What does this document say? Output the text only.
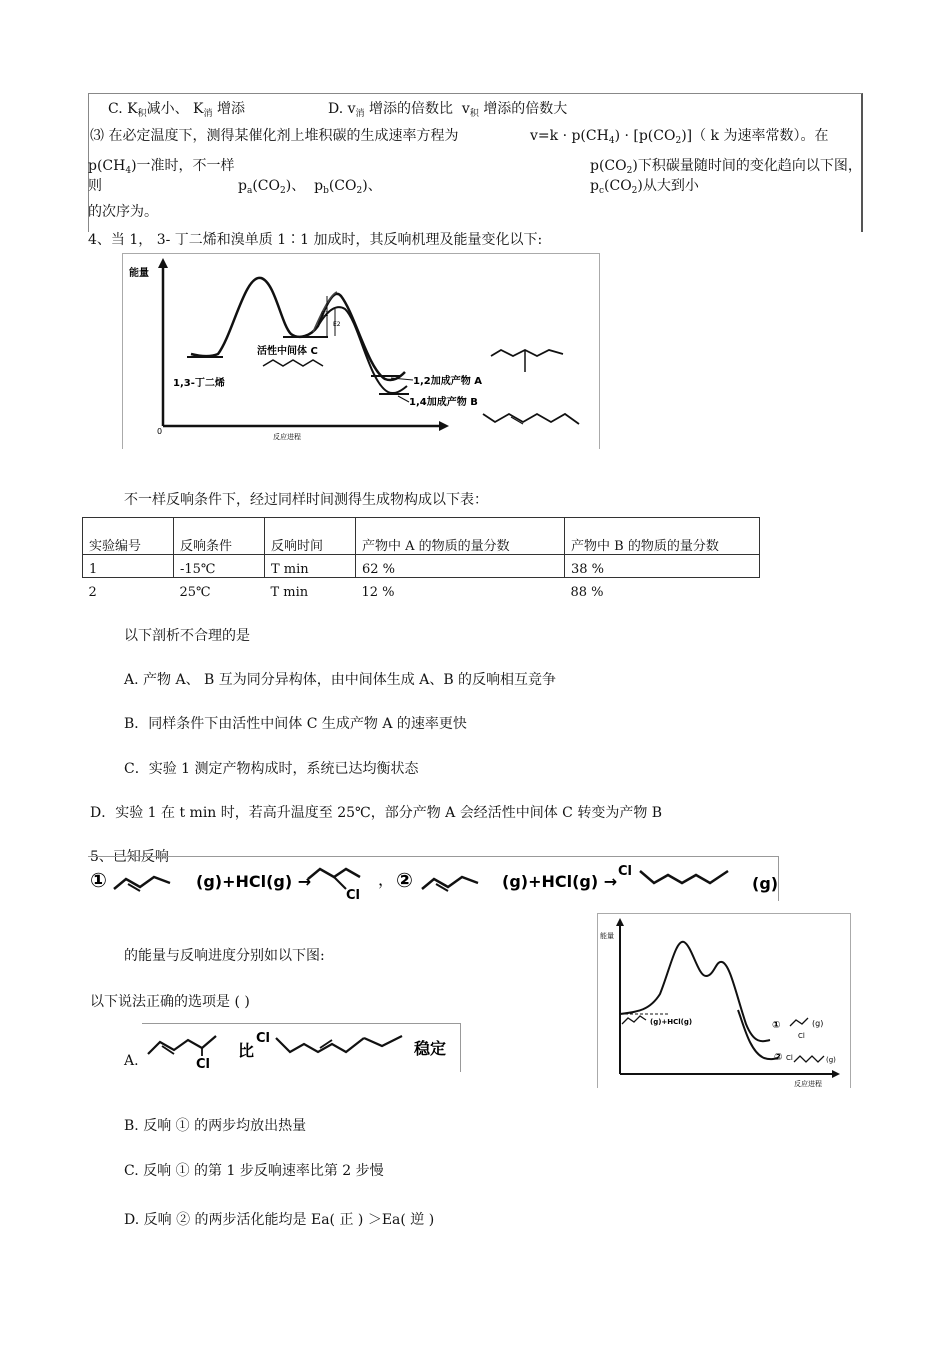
C. $K_积$减小、 $K_消$ 增添	D. $v_消$ 增添的倍数比 $v_积$ 增添的倍数大
⑶ 在必定温度下，测得某催化剂上堆积碳的生成速率方程为	$v=k \cdot p(CH_4) \cdot [p(CO_2)]$（ k 为速率常数）。在
$p(CH_4)$一准时，不一样	$p(CO_2)$下积碳量随时间的变化趋向以下图，
则	$p_a(CO_2)$、 $p_b(CO_2)$、	$p_c(CO_2)$从大到小
的次序为。
4、当 1， 3- 丁二烯和溴单质 1∶1 加成时，其反响机理及能量变化以下:
能量
反应进程
0
E1
E2
1,3-丁二烯
活性中间体 C
1,2加成产物 A
1,4加成产物 B
不一样反响条件下，经过同样时间测得生成物构成以下表：
实验编号	反响条件	反响时间	产物中 A 的物质的量分数	产物中 B 的物质的量分数
1	-15℃	T min	62 %	38 %
2	25℃	T min	12 %	88 %
以下剖析不合理的是
A. 产物 A、 B 互为同分异构体，由中间体生成 A、B 的反响相互竞争
B．同样条件下由活性中间体 C 生成产物 A 的速率更快
C．实验 1 测定产物构成时，系统已达均衡状态
D．实验 1 在 t min 时，若高升温度至 25℃，部分产物 A 会经活性中间体 C 转变为产物 B
5、已知反响
①	(g)+HCl(g) →
Cl
， ②	(g)+HCl(g) →
Cl
(g)
的能量与反响进度分别如以下图:
以下说法正确的选项是 ( )
A.	Cl
比
Cl
稳定
B. 反响 ① 的两步均放出热量
C. 反响 ① 的第 1 步反响速率比第 2 步慢
D. 反响 ② 的两步活化能均是 Ea( 正 ) ＞Ea( 逆 )
能量
反应进程
(g)+HCl(g)	①	(g)
Cl
② Cl	(g)
